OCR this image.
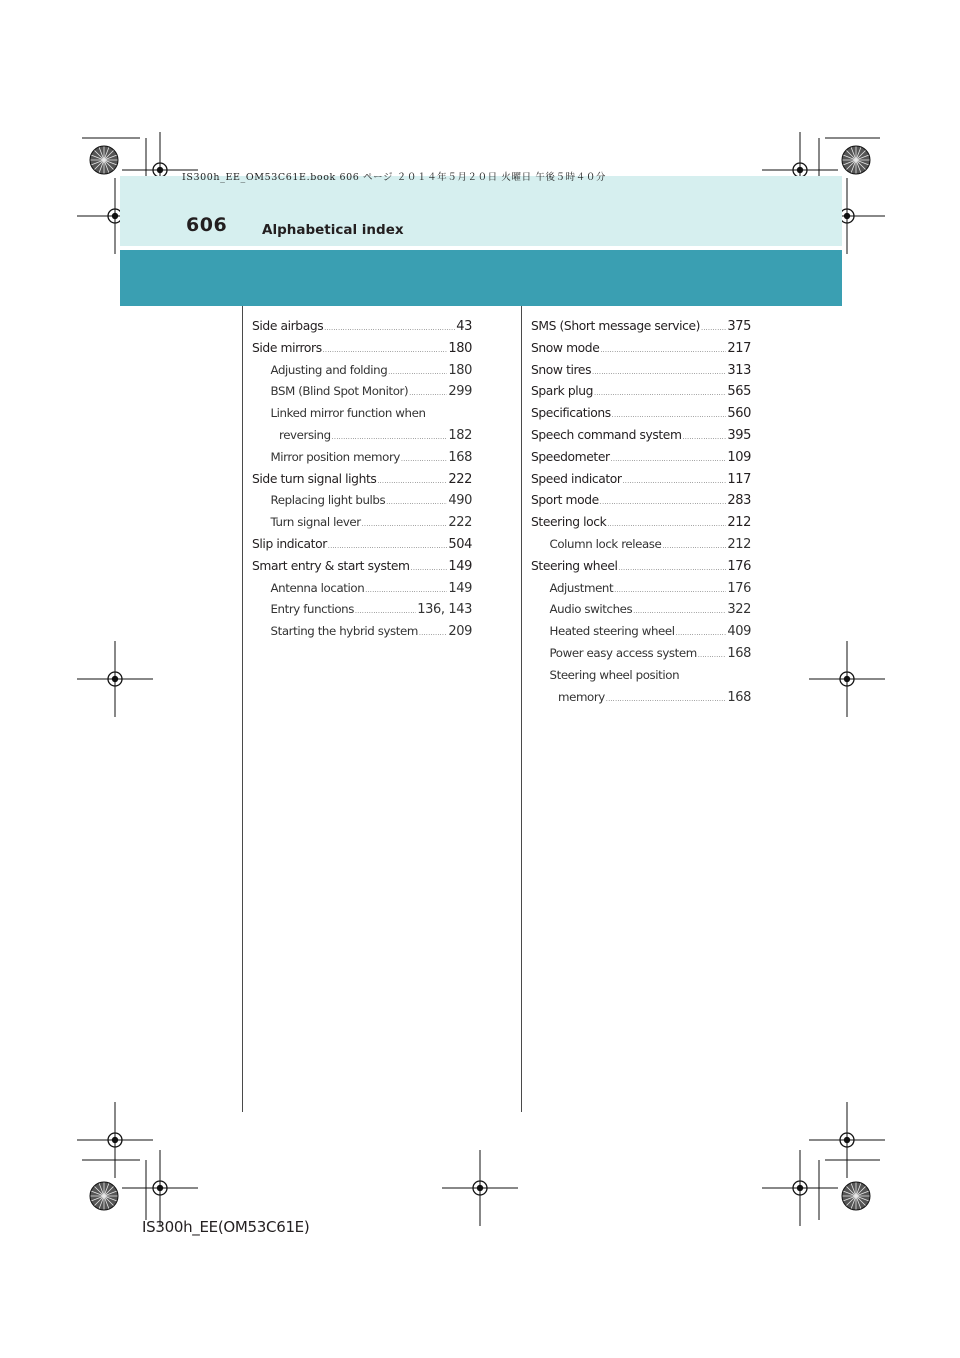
IS300h_EE_OM53C61E.book 606 ページ ２０１４年５月２０日 火曜日 午後５時４０分
606	Alphabetical index
Side airbags .....	43
Side mirrors .....	180
Adjusting and folding .....	180
BSM (Blind Spot Monitor) .....	299
Linked mirror function when
reversing .....	182
Mirror position memory .....	168
Side turn signal lights .....	222
Replacing light bulbs .....	490
Turn signal lever .....	222
Slip indicator .....	504
Smart entry & start system .....	149
Antenna location .....	149
Entry functions .....	136, 143
Starting the hybrid system ..... 209
SMS (Short message service) ..... 375
Snow mode .....	217
Snow tires .....	313
Spark plug .....	565
Specifications .....	560
Speech command system .....	395
Speedometer .....	109
Speed indicator .....	117
Sport mode .....	283
Steering lock .....	212
Column lock release .....	212
Steering wheel .....	176
Adjustment .....	176
Audio switches .....	322
Heated steering wheel .....	409
Power easy access system ..... 168
Steering wheel position
memory .....	168
IS300h_EE(OM53C61E)
